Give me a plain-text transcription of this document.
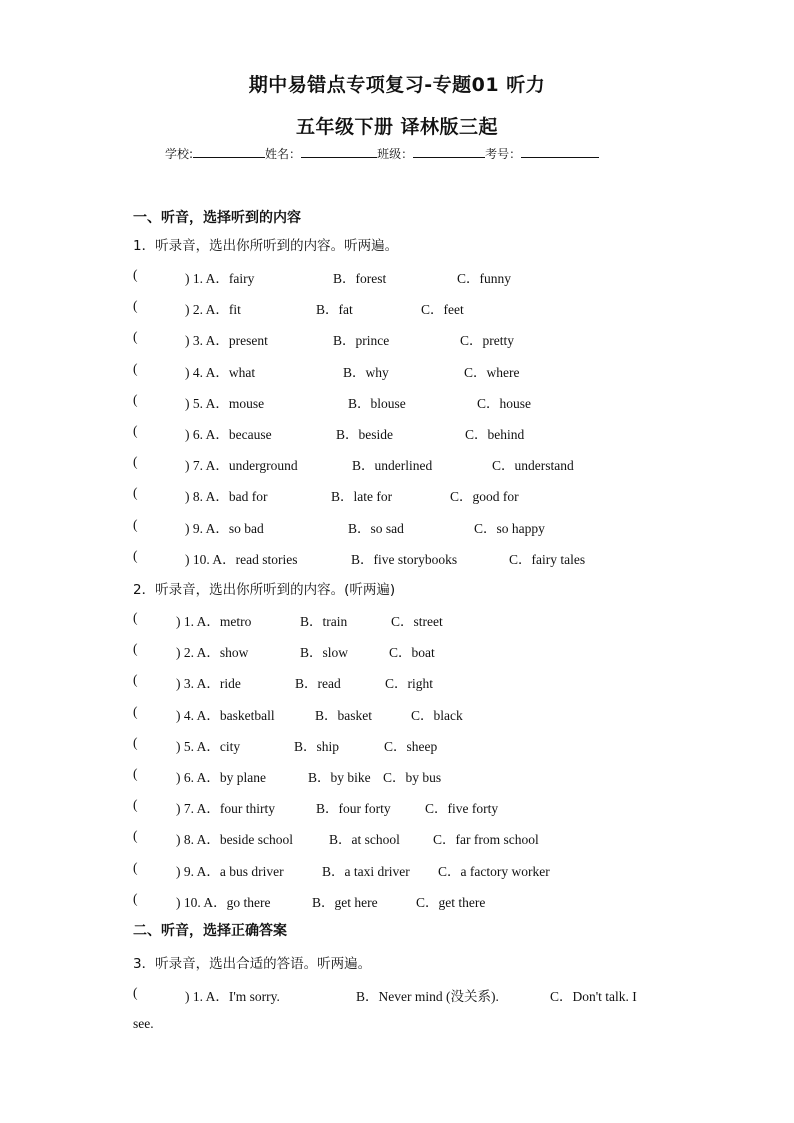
期中易错点专项复习-专题01 听力
五年级下册 译林版三起
学校:	姓名：	班级：	考号：
一、听音，选择听到的内容
1．听录音，选出你所听到的内容。听两遍。
(	) 1. A．fairy	B．forest	C．funny
(	) 2. A．fit	B．fat	C．feet
(	) 3. A．present	B．prince	C．pretty
(	) 4. A．what	B．why	C．where
(	) 5. A．mouse	B．blouse	C．house
(	) 6. A．because	B．beside	C．behind
(	) 7. A．underground	B．underlined	C．understand
(	) 8. A．bad for	B．late for	C．good for
(	) 9. A．so bad	B．so sad	C．so happy
(	) 10. A．read stories	B．five storybooks	C．fairy tales
2．听录音，选出你所听到的内容。(听两遍)
(	) 1. A．metro	B．train	C．street
(	) 2. A．show	B．slow	C．boat
(	) 3. A．ride	B．read	C．right
(	) 4. A．basketball	B．basket	C．black
(	) 5. A．city	B．ship	C．sheep
(	) 6. A．by plane	B．by bike C．by bus
(	) 7. A．four thirty	B．four forty	C．five forty
(	) 8. A．beside school	B．at school C．far from school
(	) 9. A．a bus driver	B．a taxi driver C．a factory worker
(	) 10. A．go there	B．get here	C．get there
二、听音，选择正确答案
3．听录音，选出合适的答语。听两遍。
(	) 1. A．I'm sorry.	B．Never mind (没关系).	C．Don't talk. I
see.
